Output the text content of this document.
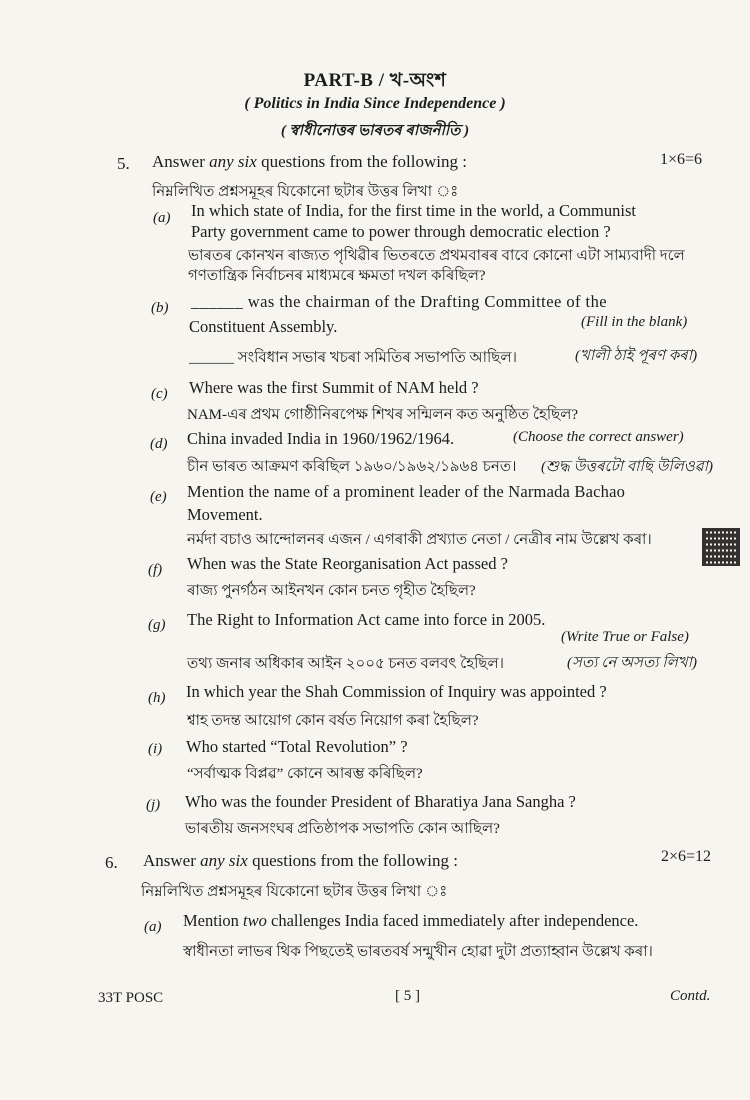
PART-B / খ-অংশ
( Politics in India Since Independence )
( স্বাধীনোত্তৰ ভাৰতৰ ৰাজনীতি )
5. Answer any six questions from the following :	1×6=6
নিম্নলিখিত প্ৰশ্নসমূহৰ যিকোনো ছটাৰ উত্তৰ লিখা ঃ
(a) In which state of India, for the first time in the world, a Communist
Party government came to power through democratic election ?
ভাৰতৰ কোনখন ৰাজ্যত পৃথিৱীৰ ভিতৰতে প্ৰথমবাৰৰ বাবে কোনো এটা সাম্যবাদী দলে
গণতান্ত্ৰিক নিৰ্বাচনৰ মাধ্যমৰে ক্ষমতা দখল কৰিছিল?
(b) ______ was the chairman of the Drafting Committee of the
Constituent Assembly.	(Fill in the blank)
______ সংবিধান সভাৰ খচৰা সমিতিৰ সভাপতি আছিল।	(খালী ঠাই পূৰণ কৰা)
(c) Where was the first Summit of NAM held ?
NAM-এৰ প্ৰথম গোষ্ঠীনিৰপেক্ষ শিখৰ সন্মিলন কত অনুষ্ঠিত হৈছিল?
(d) China invaded India in 1960/1962/1964.	(Choose the correct answer)
চীন ভাৰত আক্ৰমণ কৰিছিল ১৯৬০/১৯৬২/১৯৬৪ চনত। (শুদ্ধ উত্তৰটো বাছি উলিওৱা)
(e) Mention the name of a prominent leader of the Narmada Bachao
Movement.
নৰ্মদা বচাও আন্দোলনৰ এজন / এগৰাকী প্ৰখ্যাত নেতা / নেত্ৰীৰ নাম উল্লেখ কৰা।
(f) When was the State Reorganisation Act passed ?
ৰাজ্য পুনৰ্গঠন আইনখন কোন চনত গৃহীত হৈছিল?
(g) The Right to Information Act came into force in 2005.
(Write True or False)
তথ্য জনাৰ অধিকাৰ আইন ২০০৫ চনত বলবৎ হৈছিল।	(সত্য নে অসত্য লিখা)
(h) In which year the Shah Commission of Inquiry was appointed ?
শ্বাহ তদন্ত আয়োগ কোন বৰ্ষত নিয়োগ কৰা হৈছিল?
(i) Who started “Total Revolution” ?
“সৰ্বাত্মক বিপ্লৱ” কোনে আৰম্ভ কৰিছিল?
(j) Who was the founder President of Bharatiya Jana Sangha ?
ভাৰতীয় জনসংঘৰ প্ৰতিষ্ঠাপক সভাপতি কোন আছিল?
6. Answer any six questions from the following :	2×6=12
নিম্নলিখিত প্ৰশ্নসমূহৰ যিকোনো ছটাৰ উত্তৰ লিখা ঃ
(a) Mention two challenges India faced immediately after independence.
স্বাধীনতা লাভৰ থিক পিছতেই ভাৰতবৰ্ষ সন্মুখীন হোৱা দুটা প্ৰত্যাহ্বান উল্লেখ কৰা।
33T POSC	[ 5 ]	Contd.
